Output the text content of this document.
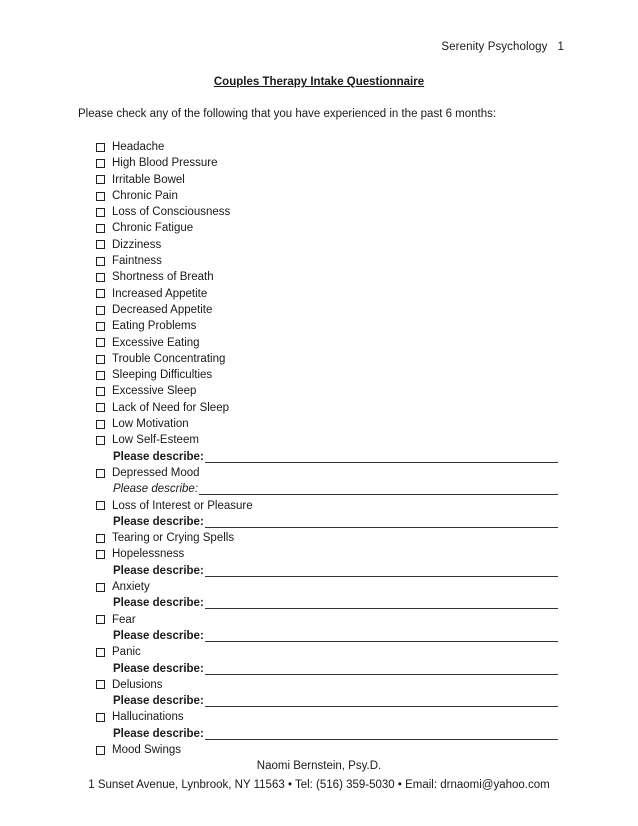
Serenity Psychology 1
Couples Therapy Intake Questionnaire
Please check any of the following that you have experienced in the past 6 months:
Headache
High Blood Pressure
Irritable Bowel
Chronic Pain
Loss of Consciousness
Chronic Fatigue
Dizziness
Faintness
Shortness of Breath
Increased Appetite
Decreased Appetite
Eating Problems
Excessive Eating
Trouble Concentrating
Sleeping Difficulties
Excessive Sleep
Lack of Need for Sleep
Low Motivation
Low Self-Esteem
Please describe:
Depressed Mood
Please describe:
Loss of Interest or Pleasure
Please describe:
Tearing or Crying Spells
Hopelessness
Please describe:
Anxiety
Please describe:
Fear
Please describe:
Panic
Please describe:
Delusions
Please describe:
Hallucinations
Please describe:
Mood Swings
Naomi Bernstein, Psy.D.
1 Sunset Avenue, Lynbrook, NY 11563 • Tel: (516) 359-5030 • Email: drnaomi@yahoo.com
